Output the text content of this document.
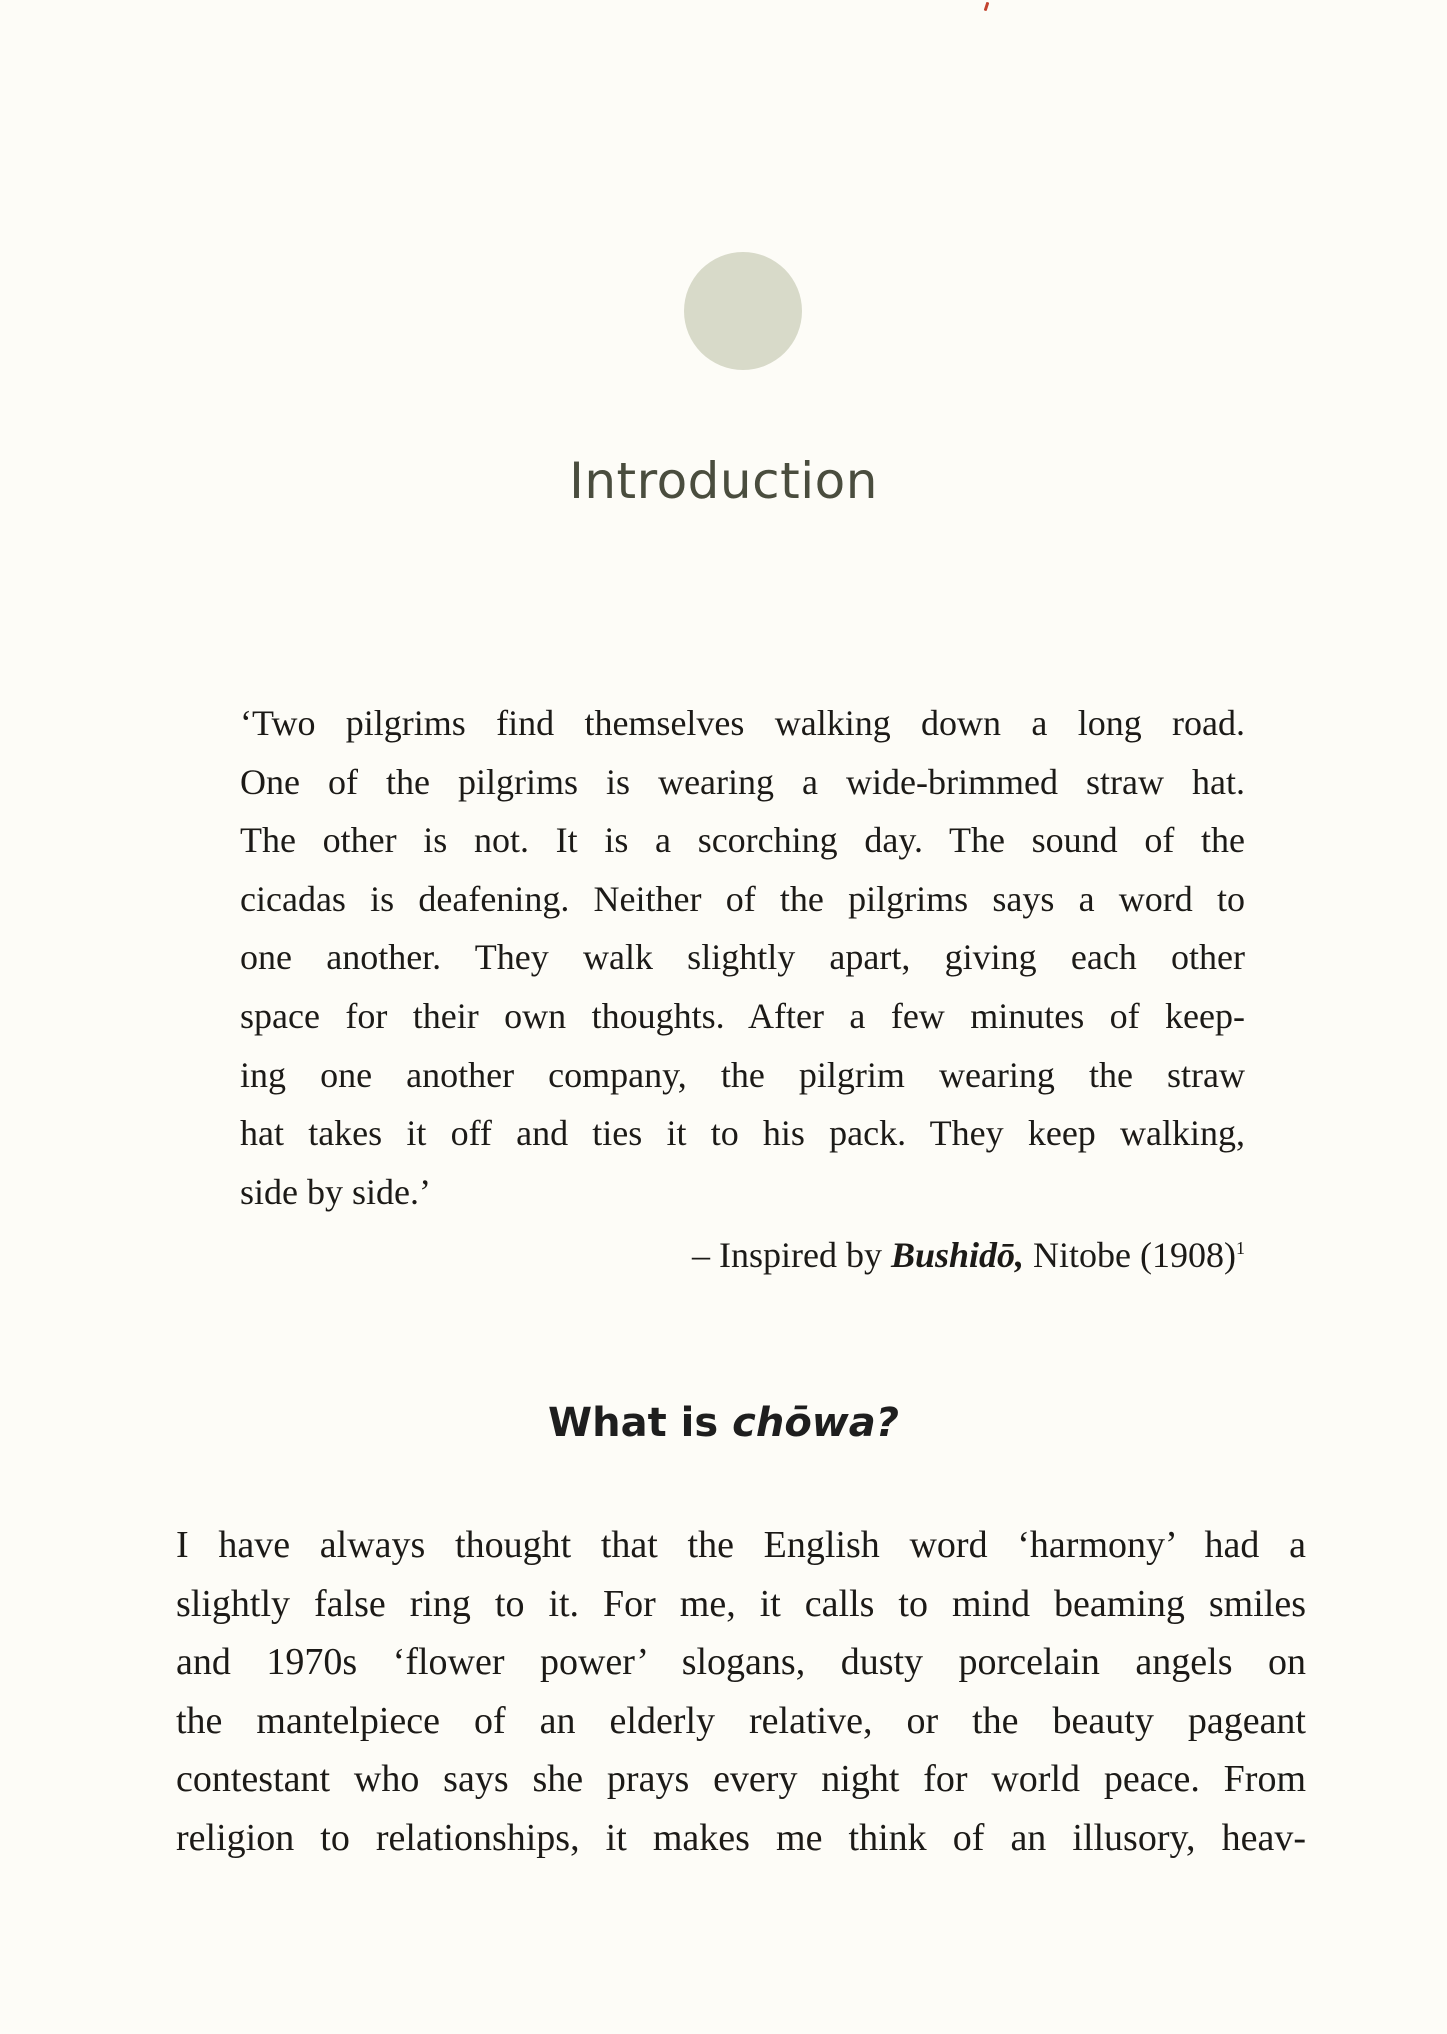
Introduction
‘Two pilgrims find themselves walking down a long road.
One of the pilgrims is wearing a wide-brimmed straw hat.
The other is not. It is a scorching day. The sound of the
cicadas is deafening. Neither of the pilgrims says a word to
one another. They walk slightly apart, giving each other
space for their own thoughts. After a few minutes of keep-
ing one another company, the pilgrim wearing the straw
hat takes it off and ties it to his pack. They keep walking,
side by side.’

– Inspired by Bushidō, Nitobe $(1908)^1$

What is chōwa?
I have always thought that the English word ‘harmony’ had a
slightly false ring to it. For me, it calls to mind beaming smiles
and 1970s ‘flower power’ slogans, dusty porcelain angels on
the mantelpiece of an elderly relative, or the beauty pageant
contestant who says she prays every night for world peace. From
religion to relationships, it makes me think of an illusory, heav-
